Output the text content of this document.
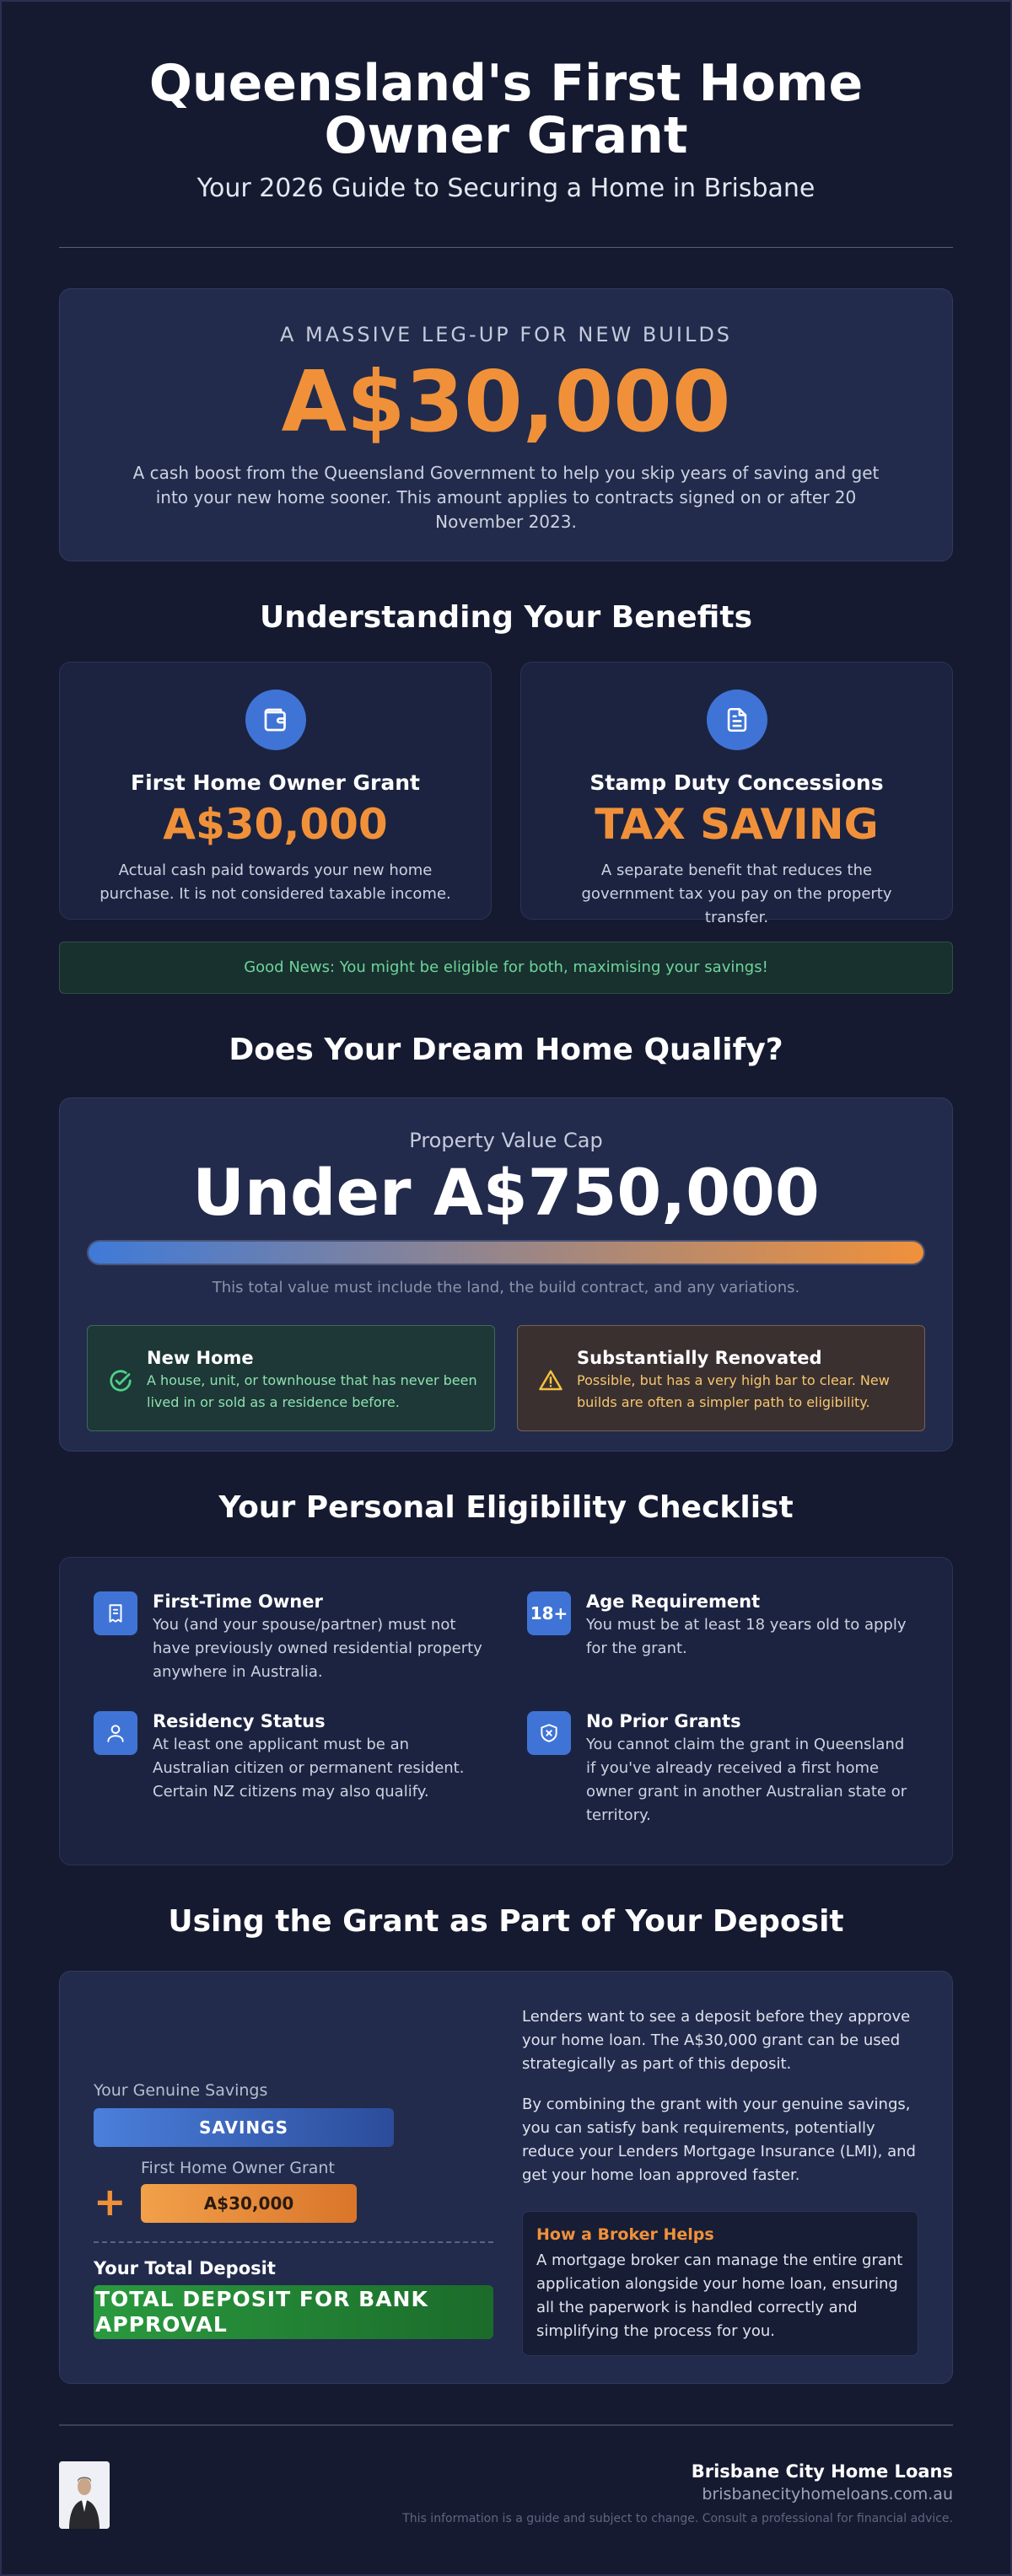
Queensland's First Home Owner Grant
Your 2026 Guide to Securing a Home in Brisbane
A MASSIVE LEG-UP FOR NEW BUILDS
A$30,000
A cash boost from the Queensland Government to help you skip years of saving and get into your new home sooner. This amount applies to contracts signed on or after 20 November 2023.
Understanding Your Benefits
First Home Owner Grant
A$30,000
Actual cash paid towards your new home purchase. It is not considered taxable income.
Stamp Duty Concessions
TAX SAVING
A separate benefit that reduces the government tax you pay on the property transfer.
Good News: You might be eligible for both, maximising your savings!
Does Your Dream Home Qualify?
Property Value Cap
Under A$750,000
This total value must include the land, the build contract, and any variations.
New Home
A house, unit, or townhouse that has never been lived in or sold as a residence before.
Substantially Renovated
Possible, but has a very high bar to clear. New builds are often a simpler path to eligibility.
Your Personal Eligibility Checklist
First-Time Owner
You (and your spouse/partner) must not have previously owned residential property anywhere in Australia.
18+
Age Requirement
You must be at least 18 years old to apply for the grant.
Residency Status
At least one applicant must be an Australian citizen or permanent resident. Certain NZ citizens may also qualify.
No Prior Grants
You cannot claim the grant in Queensland if you've already received a first home owner grant in another Australian state or territory.
Using the Grant as Part of Your Deposit
Your Genuine Savings
SAVINGS
+
First Home Owner Grant
A$30,000
Your Total Deposit
TOTAL DEPOSIT FOR BANK APPROVAL

Lenders want to see a deposit before they approve your home loan. The A$30,000 grant can be used strategically as part of this deposit.

By combining the grant with your genuine savings, you can satisfy bank requirements, potentially reduce your Lenders Mortgage Insurance (LMI), and get your home loan approved faster.

How a Broker Helps
A mortgage broker can manage the entire grant application alongside your home loan, ensuring all the paperwork is handled correctly and simplifying the process for you.
Brisbane City Home Loans
brisbanecityhomeloans.com.au
This information is a guide and subject to change. Consult a professional for financial advice.
